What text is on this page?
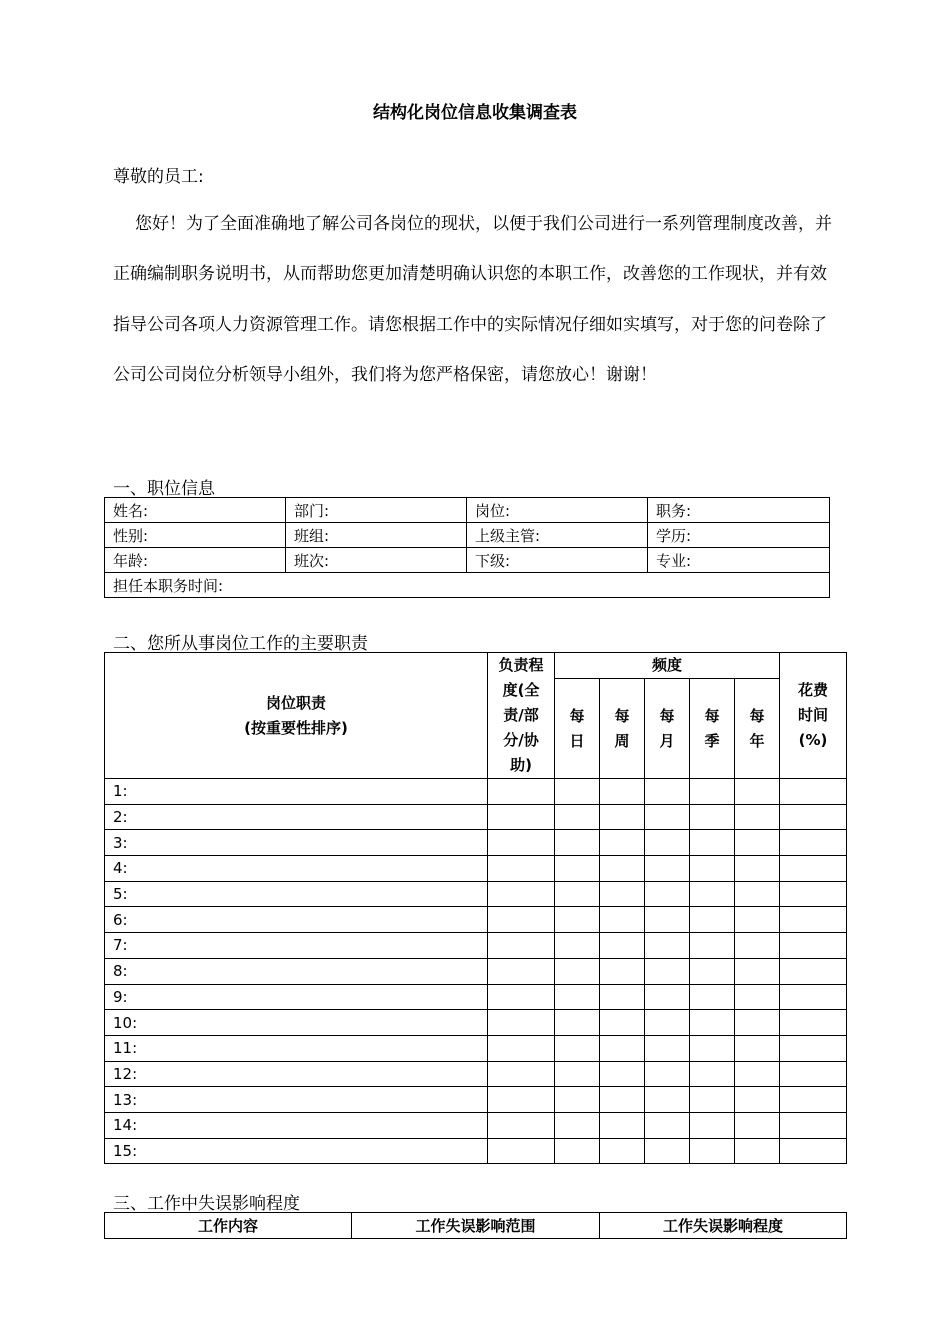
结构化岗位信息收集调查表
尊敬的员工:

您好！为了全面准确地了解公司各岗位的现状，以便于我们公司进行一系列管理制度改善，并正确编制职务说明书，从而帮助您更加清楚明确认识您的本职工作，改善您的工作现状，并有效指导公司各项人力资源管理工作。请您根据工作中的实际情况仔细如实填写，对于您的问卷除了公司公司岗位分析领导小组外，我们将为您严格保密，请您放心！谢谢！

一、职位信息
姓名:	部门:	岗位:	职务:
性别:	班组:	上级主管:	学历:
年龄:	班次:	下级:	专业:
担任本职务时间:			
二、您所从事岗位工作的主要职责
岗位职责
(按重要性排序)	负责程度(全责/部分/协助)	频度					花费时间(%)
		每日	每周	每月	每季	每年	
1:							
2:							
3:							
4:							
5:							
6:							
7:							
8:							
9:							
10:							
11:							
12:							
13:							
14:							
15:							
三、工作中失误影响程度
工作内容	工作失误影响范围	工作失误影响程度
